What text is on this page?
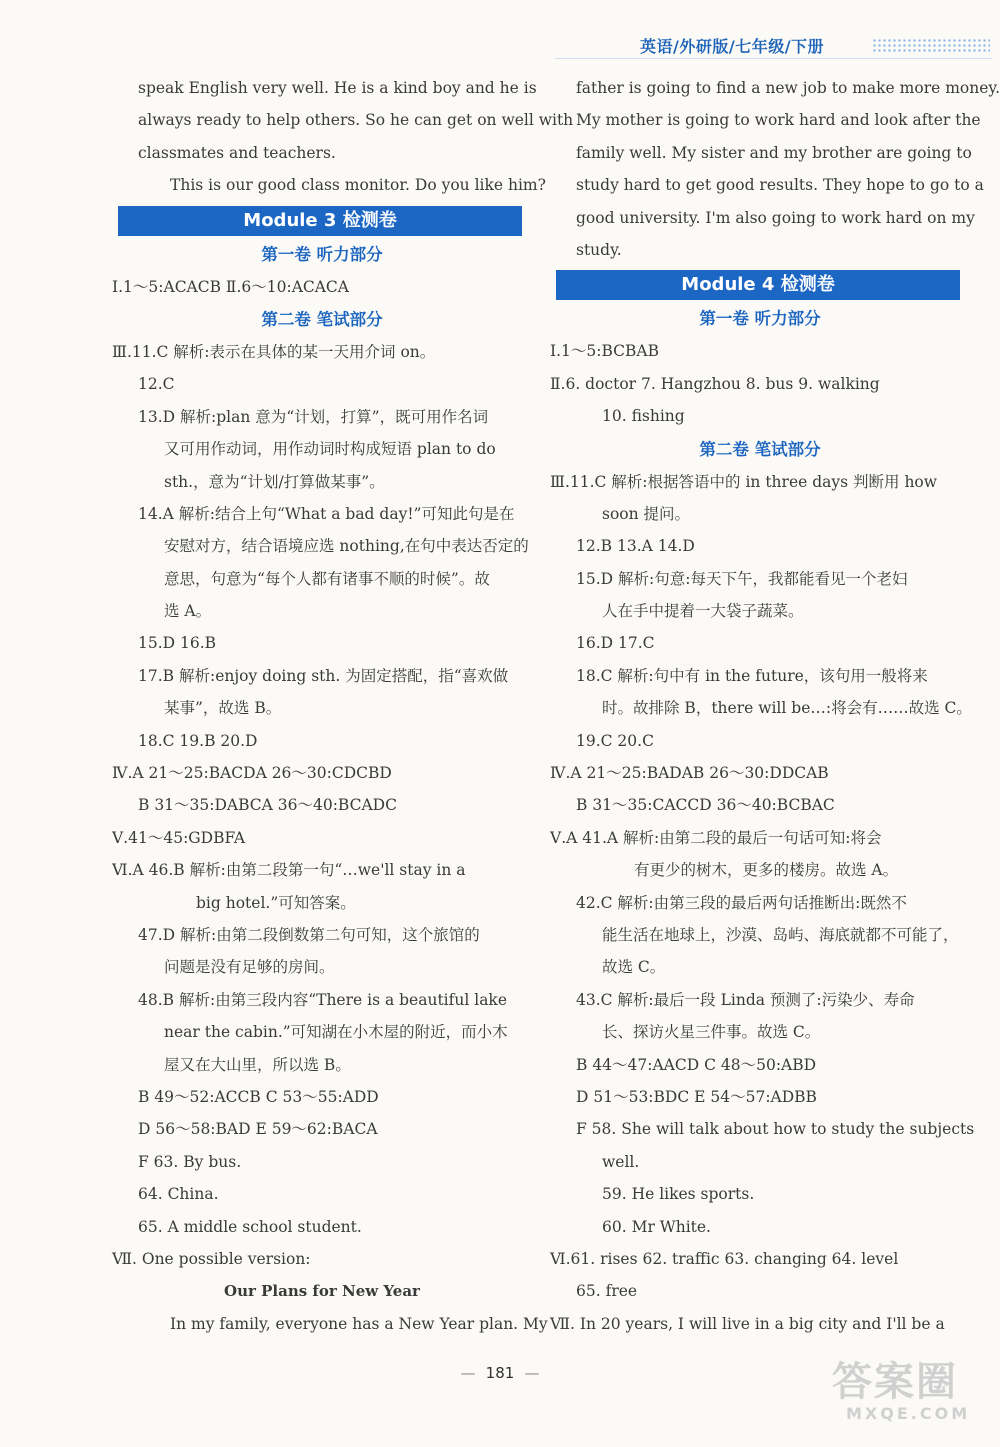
英语/外研版/七年级/下册
speak English very well. He is a kind boy and he is
always ready to help others. So he can get on well with
classmates and teachers.
This is our good class monitor. Do you like him?
Module 3 检测卷
第一卷 听力部分
Ⅰ.1～5:ACACB Ⅱ.6～10:ACACA
第二卷 笔试部分
Ⅲ.11.C 解析:表示在具体的某一天用介词 on。
12.C
13.D 解析:plan 意为“计划，打算”，既可用作名词
又可用作动词，用作动词时构成短语 plan to do
sth.，意为“计划/打算做某事”。
14.A 解析:结合上句“What a bad day!”可知此句是在
安慰对方，结合语境应选 nothing,在句中表达否定的
意思，句意为“每个人都有诸事不顺的时候”。故
选 A。
15.D 16.B
17.B 解析:enjoy doing sth. 为固定搭配，指“喜欢做
某事”，故选 B。
18.C 19.B 20.D
Ⅳ.A 21～25:BACDA 26～30:CDCBD
B 31～35:DABCA 36～40:BCADC
Ⅴ.41～45:GDBFA
Ⅵ.A 46.B 解析:由第二段第一句“…we'll stay in a
big hotel.”可知答案。
47.D 解析:由第二段倒数第二句可知，这个旅馆的
问题是没有足够的房间。
48.B 解析:由第三段内容“There is a beautiful lake
near the cabin.”可知湖在小木屋的附近，而小木
屋又在大山里，所以选 B。
B 49～52:ACCB C 53～55:ADD
D 56～58:BAD E 59～62:BACA
F 63. By bus.
64. China.
65. A middle school student.
Ⅶ. One possible version:
Our Plans for New Year
In my family, everyone has a New Year plan. My
father is going to find a new job to make more money.
My mother is going to work hard and look after the
family well. My sister and my brother are going to
study hard to get good results. They hope to go to a
good university. I'm also going to work hard on my
study.
Module 4 检测卷
第一卷 听力部分
Ⅰ.1～5:BCBAB
Ⅱ.6. doctor 7. Hangzhou 8. bus 9. walking
10. fishing
第二卷 笔试部分
Ⅲ.11.C 解析:根据答语中的 in three days 判断用 how
soon 提问。
12.B 13.A 14.D
15.D 解析:句意:每天下午，我都能看见一个老妇
人在手中提着一大袋子蔬菜。
16.D 17.C
18.C 解析:句中有 in the future，该句用一般将来
时。故排除 B，there will be…:将会有……故选 C。
19.C 20.C
Ⅳ.A 21～25:BADAB 26～30:DDCAB
B 31～35:CACCD 36～40:BCBAC
Ⅴ.A 41.A 解析:由第二段的最后一句话可知:将会
有更少的树木，更多的楼房。故选 A。
42.C 解析:由第三段的最后两句话推断出:既然不
能生活在地球上，沙漠、岛屿、海底就都不可能了，
故选 C。
43.C 解析:最后一段 Linda 预测了:污染少、寿命
长、探访火星三件事。故选 C。
B 44～47:AACD C 48～50:ABD
D 51～53:BDC E 54～57:ADBB
F 58. She will talk about how to study the subjects
well.
59. He likes sports.
60. Mr White.
Ⅵ.61. rises 62. traffic 63. changing 64. level
65. free
Ⅶ. In 20 years, I will live in a big city and I'll be a
— 181 —	答案圈
MXQE.COM
